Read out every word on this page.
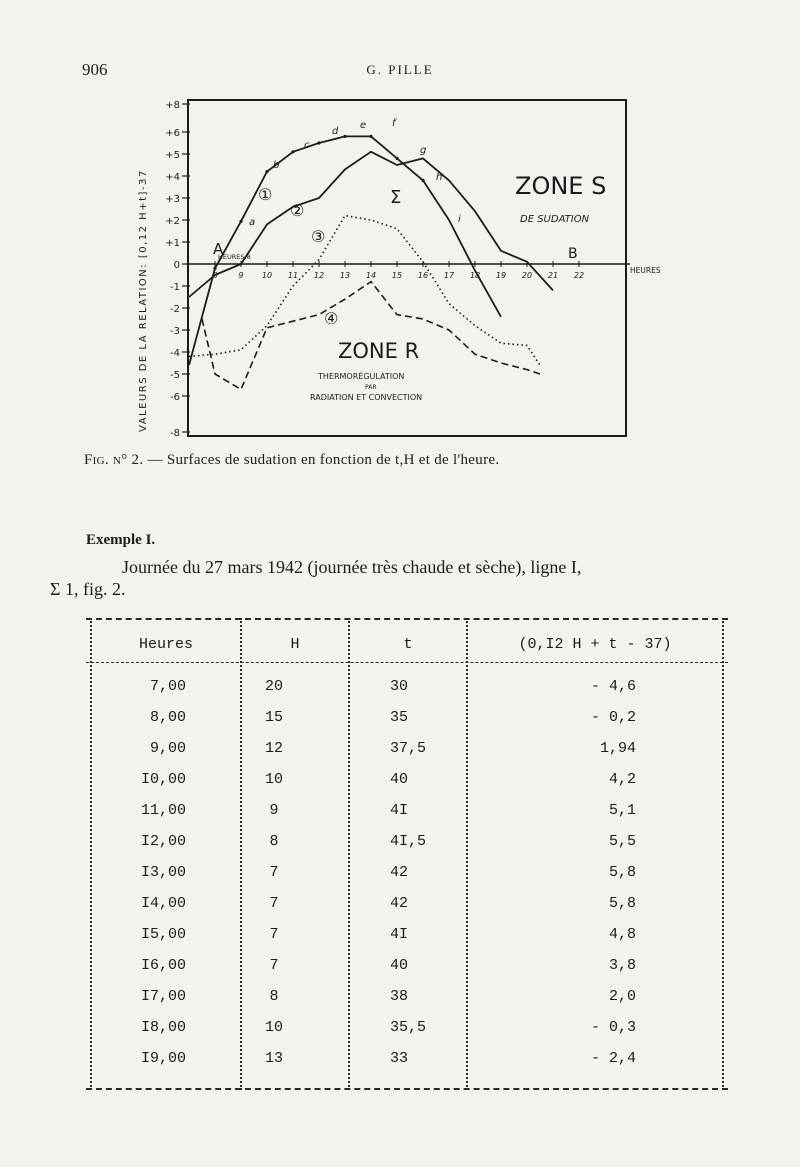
906	G. PILLE
+8
+6
+5
+4
+3
+2
+1
0
-1
-2
-3
-4
-5
-6
-8
8	9 10 11 12 13 14 15 16 17 18 19 20 21 22
VALEURS DE LA RELATION: [0,12 H+t]-37	HEURES
HEURES 8
ZONE S
DE SUDATION
ZONE R
THERMORÉGULATION
PAR
RADIATION ET CONVECTION
Σ
A	B
①
②
③
④
a
b
c
d
e	f
g
h
i
Fig. n° 2. — Surfaces de sudation en fonction de t,H et de l'heure.
Exemple I.
Journée du 27 mars 1942 (journée très chaude et sèche), ligne I,
Σ 1, fig. 2.
Heures	H	t	(0,I2 H + t - 37)
7,00	20	30	- 4,6
8,00	15	35	- 0,2
9,00	12	37,5	1,94
I0,00	10	40	4,2
11,00	9	4I	5,1
I2,00	8	4I,5	5,5
I3,00	7	42	5,8
I4,00	7	42	5,8
I5,00	7	4I	4,8
I6,00	7	40	3,8
I7,00	8	38	2,0
I8,00	10	35,5	- 0,3
I9,00	13	33	- 2,4
